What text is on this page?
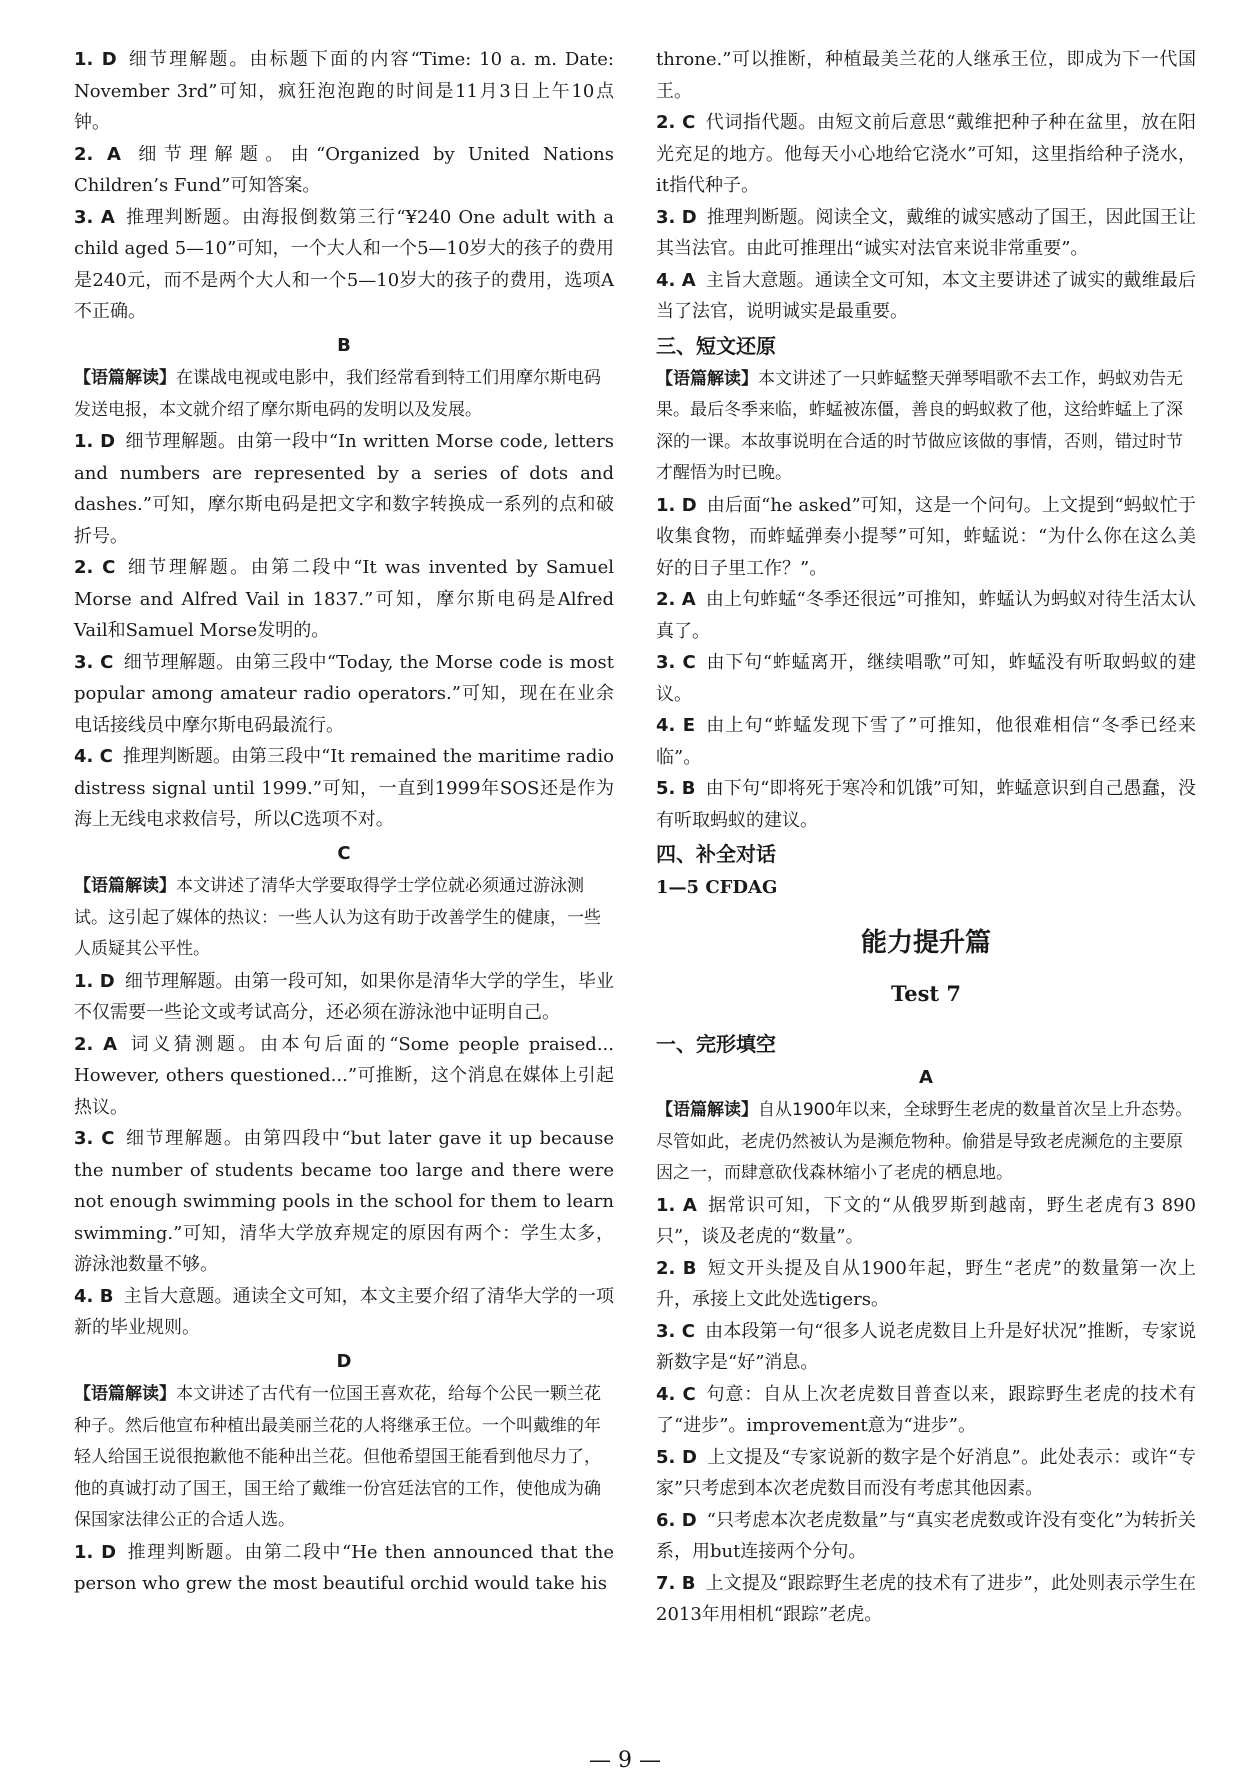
1. D 细节理解题。由标题下面的内容“Time: 10 a. m. Date: November 3rd”可知，疯狂泡泡跑的时间是11月3日上午10点钟。

2. A 细节理解题。由“Organized by United Nations Children’s Fund”可知答案。

3. A 推理判断题。由海报倒数第三行“¥240 One adult with a child aged 5—10”可知，一个大人和一个5—10岁大的孩子的费用是240元，而不是两个大人和一个5—10岁大的孩子的费用，选项A不正确。

B

【语篇解读】在谍战电视或电影中，我们经常看到特工们用摩尔斯电码发送电报，本文就介绍了摩尔斯电码的发明以及发展。

1. D 细节理解题。由第一段中“In written Morse code, letters and numbers are represented by a series of dots and dashes.”可知，摩尔斯电码是把文字和数字转换成一系列的点和破折号。

2. C 细节理解题。由第二段中“It was invented by Samuel Morse and Alfred Vail in 1837.”可知，摩尔斯电码是Alfred Vail和Samuel Morse发明的。

3. C 细节理解题。由第三段中“Today, the Morse code is most popular among amateur radio operators.”可知，现在在业余电话接线员中摩尔斯电码最流行。

4. C 推理判断题。由第三段中“It remained the maritime radio distress signal until 1999.”可知，一直到1999年SOS还是作为海上无线电求救信号，所以C选项不对。

C

【语篇解读】本文讲述了清华大学要取得学士学位就必须通过游泳测试。这引起了媒体的热议：一些人认为这有助于改善学生的健康，一些人质疑其公平性。

1. D 细节理解题。由第一段可知，如果你是清华大学的学生，毕业不仅需要一些论文或考试高分，还必须在游泳池中证明自己。

2. A 词义猜测题。由本句后面的“Some people praised... However, others questioned...”可推断，这个消息在媒体上引起热议。

3. C 细节理解题。由第四段中“but later gave it up because the number of students became too large and there were not enough swimming pools in the school for them to learn swimming.”可知，清华大学放弃规定的原因有两个：学生太多，游泳池数量不够。

4. B 主旨大意题。通读全文可知，本文主要介绍了清华大学的一项新的毕业规则。

D

【语篇解读】本文讲述了古代有一位国王喜欢花，给每个公民一颗兰花种子。然后他宣布种植出最美丽兰花的人将继承王位。一个叫戴维的年轻人给国王说很抱歉他不能种出兰花。但他希望国王能看到他尽力了，他的真诚打动了国王，国王给了戴维一份宫廷法官的工作，使他成为确保国家法律公正的合适人选。

1. D 推理判断题。由第二段中“He then announced that the person who grew the most beautiful orchid would take his

throne.”可以推断，种植最美兰花的人继承王位，即成为下一代国王。

2. C 代词指代题。由短文前后意思“戴维把种子种在盆里，放在阳光充足的地方。他每天小心地给它浇水”可知，这里指给种子浇水，it指代种子。

3. D 推理判断题。阅读全文，戴维的诚实感动了国王，因此国王让其当法官。由此可推理出“诚实对法官来说非常重要”。

4. A 主旨大意题。通读全文可知，本文主要讲述了诚实的戴维最后当了法官，说明诚实是最重要。

三、短文还原

【语篇解读】本文讲述了一只蚱蜢整天弹琴唱歌不去工作，蚂蚁劝告无果。最后冬季来临，蚱蜢被冻僵，善良的蚂蚁救了他，这给蚱蜢上了深深的一课。本故事说明在合适的时节做应该做的事情，否则，错过时节才醒悟为时已晚。

1. D 由后面“he asked”可知，这是一个问句。上文提到“蚂蚁忙于收集食物，而蚱蜢弹奏小提琴”可知，蚱蜢说：“为什么你在这么美好的日子里工作？”。

2. A 由上句蚱蜢“冬季还很远”可推知，蚱蜢认为蚂蚁对待生活太认真了。

3. C 由下句“蚱蜢离开，继续唱歌”可知，蚱蜢没有听取蚂蚁的建议。

4. E 由上句“蚱蜢发现下雪了”可推知，他很难相信“冬季已经来临”。

5. B 由下句“即将死于寒冷和饥饿”可知，蚱蜢意识到自己愚蠢，没有听取蚂蚁的建议。

四、补全对话

1—5 CFDAG

能力提升篇
Test 7
一、完形填空
A

【语篇解读】自从1900年以来，全球野生老虎的数量首次呈上升态势。尽管如此，老虎仍然被认为是濒危物种。偷猎是导致老虎濒危的主要原因之一，而肆意砍伐森林缩小了老虎的栖息地。

1. A 据常识可知，下文的“从俄罗斯到越南，野生老虎有3 890只”，谈及老虎的“数量”。

2. B 短文开头提及自从1900年起，野生“老虎”的数量第一次上升，承接上文此处选tigers。

3. C 由本段第一句“很多人说老虎数目上升是好状况”推断，专家说新数字是“好”消息。

4. C 句意：自从上次老虎数目普查以来，跟踪野生老虎的技术有了“进步”。improvement意为“进步”。

5. D 上文提及“专家说新的数字是个好消息”。此处表示：或许“专家”只考虑到本次老虎数目而没有考虑其他因素。

6. D “只考虑本次老虎数量”与“真实老虎数或许没有变化”为转折关系，用but连接两个分句。

7. B 上文提及“跟踪野生老虎的技术有了进步”，此处则表示学生在2013年用相机“跟踪”老虎。

— 9 —
